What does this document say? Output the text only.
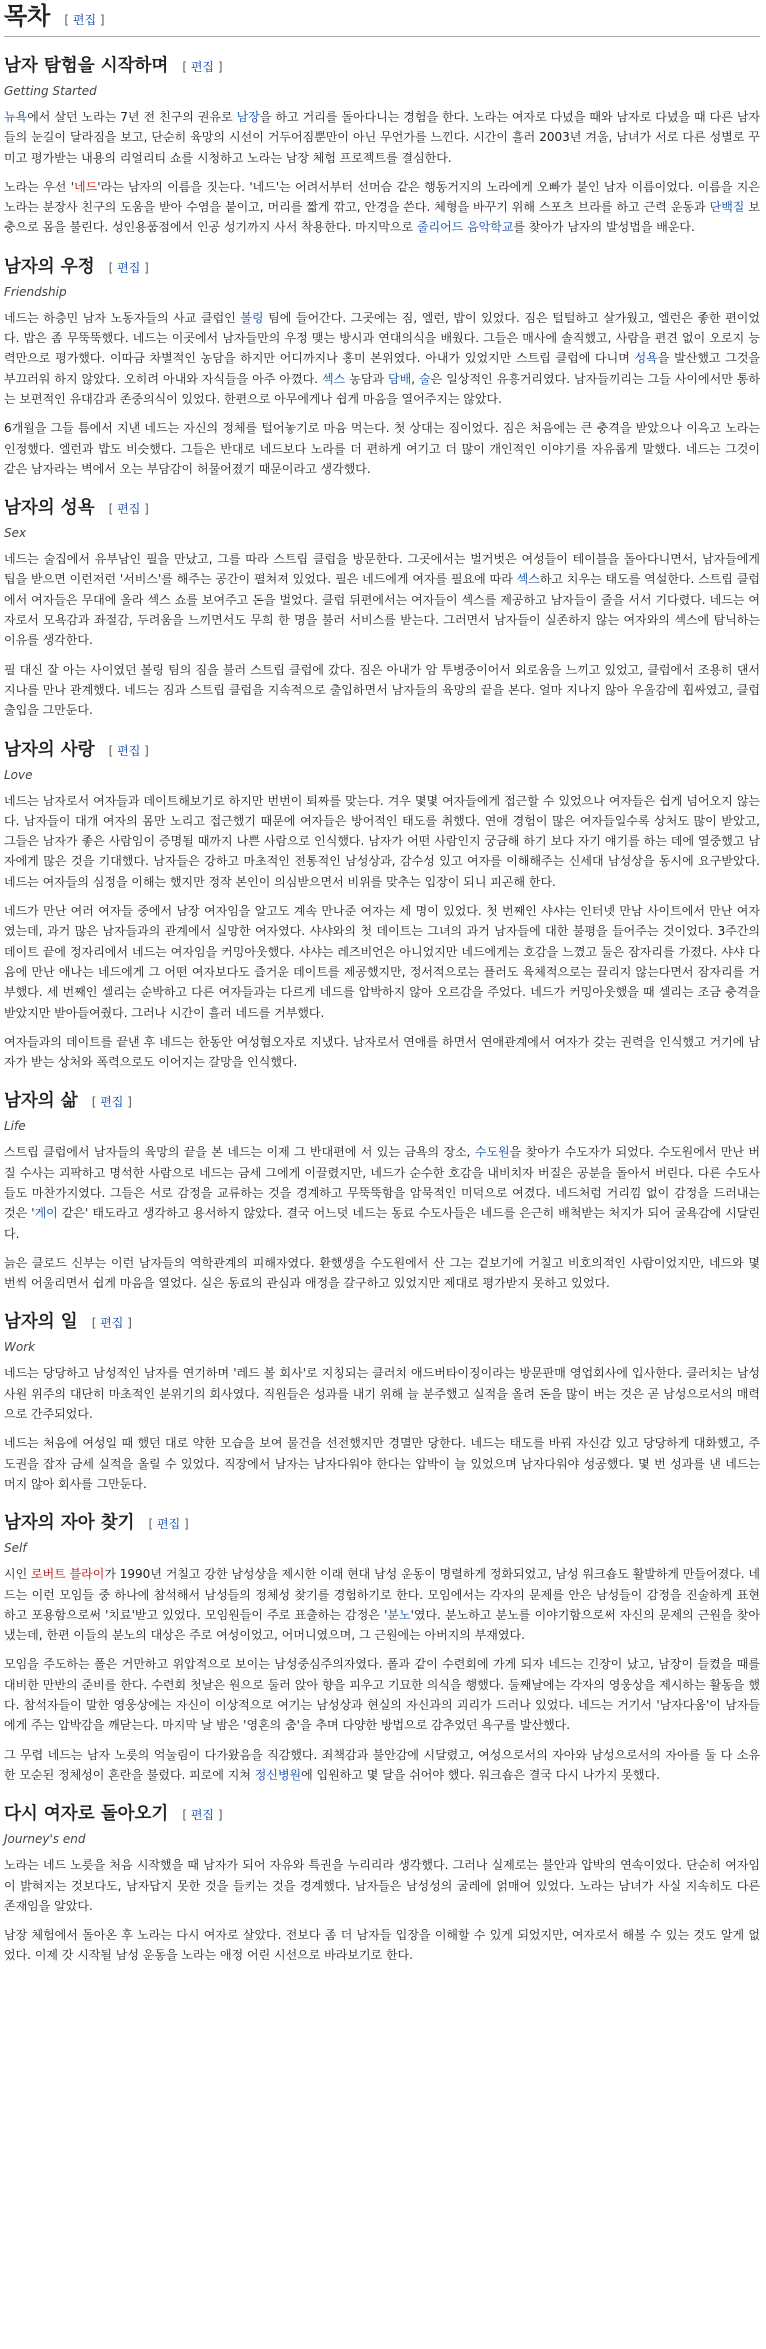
목차 [ 편집 ]
남자 탐험을 시작하며 [ 편집 ]
Getting Started

뉴욕에서 살던 노라는 7년 전 친구의 권유로 남장을 하고 거리를 돌아다니는 경험을 한다. 노라는 여자로 다녔을 때와 남자로 다녔을 때 다른 남자들의 눈길이 달라짐을 보고, 단순히 육망의 시선이 거두어짐뿐만이 아닌 무언가를 느낀다. 시간이 흘러 2003년 겨울, 남녀가 서로 다른 성별로 꾸미고 평가받는 내용의 리얼리티 쇼를 시청하고 노라는 남장 체험 프로젝트를 결심한다.

노라는 우선 '네드'라는 남자의 이름을 짓는다. '네드'는 어려서부터 선머슴 같은 행동거지의 노라에게 오빠가 붙인 남자 이름이었다. 이름을 지은 노라는 분장사 친구의 도움을 받아 수염을 붙이고, 머리를 짧게 깎고, 안경을 쓴다. 체형을 바꾸기 위해 스포츠 브라를 하고 근력 운동과 단백질 보충으로 몸을 불린다. 성인용품점에서 인공 성기까지 사서 착용한다. 마지막으로 줄리어드 음악학교를 찾아가 남자의 발성법을 배운다.

남자의 우정 [ 편집 ]
Friendship

네드는 하층민 남자 노동자들의 사교 클럽인 볼링 팀에 들어간다. 그곳에는 짐, 엘런, 밥이 있었다. 짐은 털털하고 살가웠고, 엘런은 좋한 편이었다. 밥은 좀 무뚝뚝했다. 네드는 이곳에서 남자들만의 우정 맺는 방시과 연대의식을 배웠다. 그들은 매사에 솔직했고, 사람을 편견 없이 오로지 능력만으로 평가했다. 이따금 차별적인 농담을 하지만 어디까지나 홍미 본위였다. 아내가 있었지만 스트립 클럽에 다니며 성욕을 발산했고 그것을 부끄러워 하지 않았다. 오히려 아내와 자식들을 아주 아꼈다. 섹스 농담과 담배, 술은 일상적인 유흥거리였다. 남자들끼리는 그들 사이에서만 통하는 보편적인 유대감과 존중의식이 있었다. 한편으로 아무에게나 쉽게 마음을 열어주지는 않았다.

6개월을 그들 틈에서 지낸 네드는 자신의 정체를 털어놓기로 마음 먹는다. 첫 상대는 짐이었다. 짐은 처음에는 큰 충격을 받았으나 이윽고 노라는 인정했다. 엘런과 밥도 비슷했다. 그들은 반대로 네드보다 노라를 더 편하게 여기고 더 많이 개인적인 이야기를 자유롭게 말했다. 네드는 그것이 같은 남자라는 벽에서 오는 부담감이 허물어졌기 때문이라고 생각했다.

남자의 성욕 [ 편집 ]
Sex

네드는 술집에서 유부남인 필을 만났고, 그를 따라 스트립 클럽을 방문한다. 그곳에서는 벌거벗은 여성들이 테이블을 돌아다니면서, 남자들에게 팁을 받으면 이런저런 '서비스'를 해주는 공간이 펼쳐져 있었다. 필은 네드에게 여자를 필요에 따라 섹스하고 치우는 태도를 역설한다. 스트립 클럽에서 여자들은 무대에 올라 섹스 쇼를 보여주고 돈을 벌었다. 클럽 뒤편에서는 여자들이 섹스를 제공하고 남자들이 줄을 서서 기다렸다. 네드는 여자로서 모욕감과 좌절감, 두려움을 느끼면서도 무희 한 명을 불러 서비스를 받는다. 그러면서 남자들이 실존하지 않는 여자와의 섹스에 탐닉하는 이유를 생각한다.

필 대신 잘 아는 사이였던 볼링 팀의 짐을 불러 스트립 클럽에 갔다. 짐은 아내가 암 투병중이어서 외로움을 느끼고 있었고, 클럽에서 조용히 댄서 지나를 만나 관계했다. 네드는 짐과 스트립 클럽을 지속적으로 출입하면서 남자들의 육망의 끝을 본다. 얼마 지나지 않아 우울감에 휩싸였고, 클럽 출입을 그만둔다.

남자의 사랑 [ 편집 ]
Love

네드는 남자로서 여자들과 데이트해보기로 하지만 번번이 퇴짜를 맞는다. 겨우 몇몇 여자들에게 접근할 수 있었으나 여자들은 쉽게 넘어오지 않는다. 남자들이 대개 여자의 몸만 노리고 접근했기 때문에 여자들은 방어적인 태도를 취했다. 연애 경험이 많은 여자들일수록 상처도 많이 받았고, 그들은 남자가 좋은 사람임이 증명될 때까지 나쁜 사람으로 인식했다. 남자가 어떤 사람인지 궁금해 하기 보다 자기 얘기를 하는 데에 열중했고 남자에게 많은 것을 기대했다. 남자들은 강하고 마초적인 전통적인 남성상과, 감수성 있고 여자를 이해해주는 신세대 남성상을 동시에 요구받았다. 네드는 여자들의 심정을 이해는 했지만 정작 본인이 의심받으면서 비위를 맞추는 입장이 되니 피곤해 한다.

네드가 만난 여러 여자들 중에서 남장 여자임을 알고도 계속 만나준 여자는 세 명이 있었다. 첫 번째인 샤샤는 인터넷 만남 사이트에서 만난 여자였는데, 과거 많은 남자들과의 관계에서 실망한 여자였다. 샤샤와의 첫 데이트는 그녀의 과거 남자들에 대한 불평을 들어주는 것이었다. 3주간의 데이트 끝에 정자리에서 네드는 여자임을 커밍아웃했다. 샤샤는 레즈비언은 아니었지만 네드에게는 호감을 느꼈고 둘은 잠자리를 가졌다. 샤샤 다음에 만난 애나는 네드에게 그 어떤 여자보다도 즐거운 데이트를 제공했지만, 정서적으로는 플러도 육체적으로는 끌리지 않는다면서 잠자리를 거부했다. 세 번째인 셀리는 순박하고 다른 여자들과는 다르게 네드를 압박하지 않아 오르감을 주었다. 네드가 커밍아웃했을 때 셀리는 조금 충격을 받았지만 받아들여줬다. 그러나 시간이 흘러 네드를 거부했다.

여자들과의 데이트를 끝낸 후 네드는 한동안 여성혐오자로 지냈다. 남자로서 연애를 하면서 연애관계에서 여자가 갖는 권력을 인식했고 거기에 남자가 받는 상처와 폭력으로도 이어지는 갈망을 인식했다.

남자의 삶 [ 편집 ]
Life

스트립 클럽에서 남자들의 육망의 끝을 본 네드는 이제 그 반대편에 서 있는 금욕의 장소, 수도원을 찾아가 수도자가 되었다. 수도원에서 만난 버질 수사는 괴팍하고 명석한 사람으로 네드는 금세 그에게 이끌렸지만, 네드가 순수한 호감을 내비치자 버질은 공분을 돌아서 버린다. 다른 수도사들도 마찬가지였다. 그들은 서로 감정을 교류하는 것을 경계하고 무뚝뚝함을 암묵적인 미덕으로 여겼다. 네드처럼 거리낌 없이 감정을 드러내는 것은 '게이 같은' 태도라고 생각하고 용서하지 않았다. 결국 어느덧 네드는 동료 수도사들은 네드를 은근히 배척받는 처지가 되어 굴욕감에 시달린다.

늙은 클로드 신부는 이런 남자들의 역학관계의 피해자였다. 환했생을 수도원에서 산 그는 겉보기에 거칠고 비호의적인 사람이었지만, 네드와 몇 번씩 어울리면서 쉽게 마음을 열었다. 실은 동료의 관심과 애정을 갈구하고 있었지만 제대로 평가받지 못하고 있었다.

남자의 일 [ 편집 ]
Work

네드는 당당하고 남성적인 남자를 연기하며 '레드 볼 회사'로 지칭되는 클러치 애드버타이징이라는 방문판매 영업회사에 입사한다. 클러치는 남성 사원 위주의 대단히 마초적인 분위기의 회사였다. 직원들은 성과를 내기 위해 늘 분주했고 실적을 올려 돈을 많이 버는 것은 곧 남성으로서의 매력으로 간주되었다.

네드는 처음에 여성일 때 했던 대로 약한 모습을 보여 물건을 선전했지만 경멸만 당한다. 네드는 태도를 바꿔 자신감 있고 당당하게 대화했고, 주도권을 잡자 금세 실적을 올릴 수 있었다. 직장에서 남자는 남자다워야 한다는 압박이 늘 있었으며 남자다워야 성공했다. 몇 번 성과를 낸 네드는 머지 않아 회사를 그만둔다.

남자의 자아 찾기 [ 편집 ]
Self

시인 로버트 블라이가 1990년 거칠고 강한 남성상을 제시한 이래 현대 남성 운동이 명렬하게 정화되었고, 남성 워크숍도 활발하게 만들어졌다. 네드는 이런 모임들 중 하나에 참석해서 남성들의 정체성 찾기를 경험하기로 한다. 모임에서는 각자의 문제를 안은 남성들이 감정을 진술하게 표현하고 포용함으로써 '치료'받고 있었다. 모임원들이 주로 표출하는 감정은 '분노'였다. 분노하고 분노를 이야기함으로써 자신의 문제의 근원을 찾아냈는데, 한편 이들의 분노의 대상은 주로 여성이었고, 어머니였으며, 그 근원에는 아버지의 부재였다.

모임을 주도하는 폴은 거만하고 위압적으로 보이는 남성중심주의자였다. 폴과 같이 수련회에 가게 되자 네드는 긴장이 났고, 남장이 들켰을 때를 대비한 만반의 준비를 한다. 수련회 첫날은 원으로 둘러 앉아 향을 피우고 기묘한 의식을 행했다. 둘째날에는 각자의 영웅상을 제시하는 활동을 했다. 참석자들이 말한 영웅상에는 자신이 이상적으로 여기는 남성상과 현실의 자신과의 괴리가 드러나 있었다. 네드는 거기서 '남자다움'이 남자들에게 주는 압박감을 깨닫는다. 마지막 날 밤은 '영혼의 춤'을 추며 다양한 방법으로 감추었던 욕구를 발산했다.

그 무렵 네드는 남자 노릇의 억눌림이 다가왔음을 직감했다. 죄책감과 불안감에 시달렸고, 여성으로서의 자아와 남성으로서의 자아를 둘 다 소유한 모순된 정체성이 혼란을 불렀다. 피로에 지쳐 정신병원에 입원하고 몇 달을 쉬어야 했다. 워크숍은 결국 다시 나가지 못했다.

다시 여자로 돌아오기 [ 편집 ]
Journey's end

노라는 네드 노릇을 처음 시작했을 때 남자가 되어 자유와 특권을 누리리라 생각했다. 그러나 실제로는 불안과 압박의 연속이었다. 단순히 여자임이 밝혀지는 것보다도, 남자답지 못한 것을 들키는 것을 경계했다. 남자들은 남성성의 굴레에 얽매여 있었다. 노라는 남녀가 사실 지속히도 다른 존재임을 알았다.

남장 체험에서 돌아온 후 노라는 다시 여자로 살았다. 전보다 좀 더 남자들 입장을 이해할 수 있게 되었지만, 여자로서 해볼 수 있는 것도 알게 없었다. 이제 갓 시작될 남성 운동을 노라는 애정 어린 시선으로 바라보기로 한다.
